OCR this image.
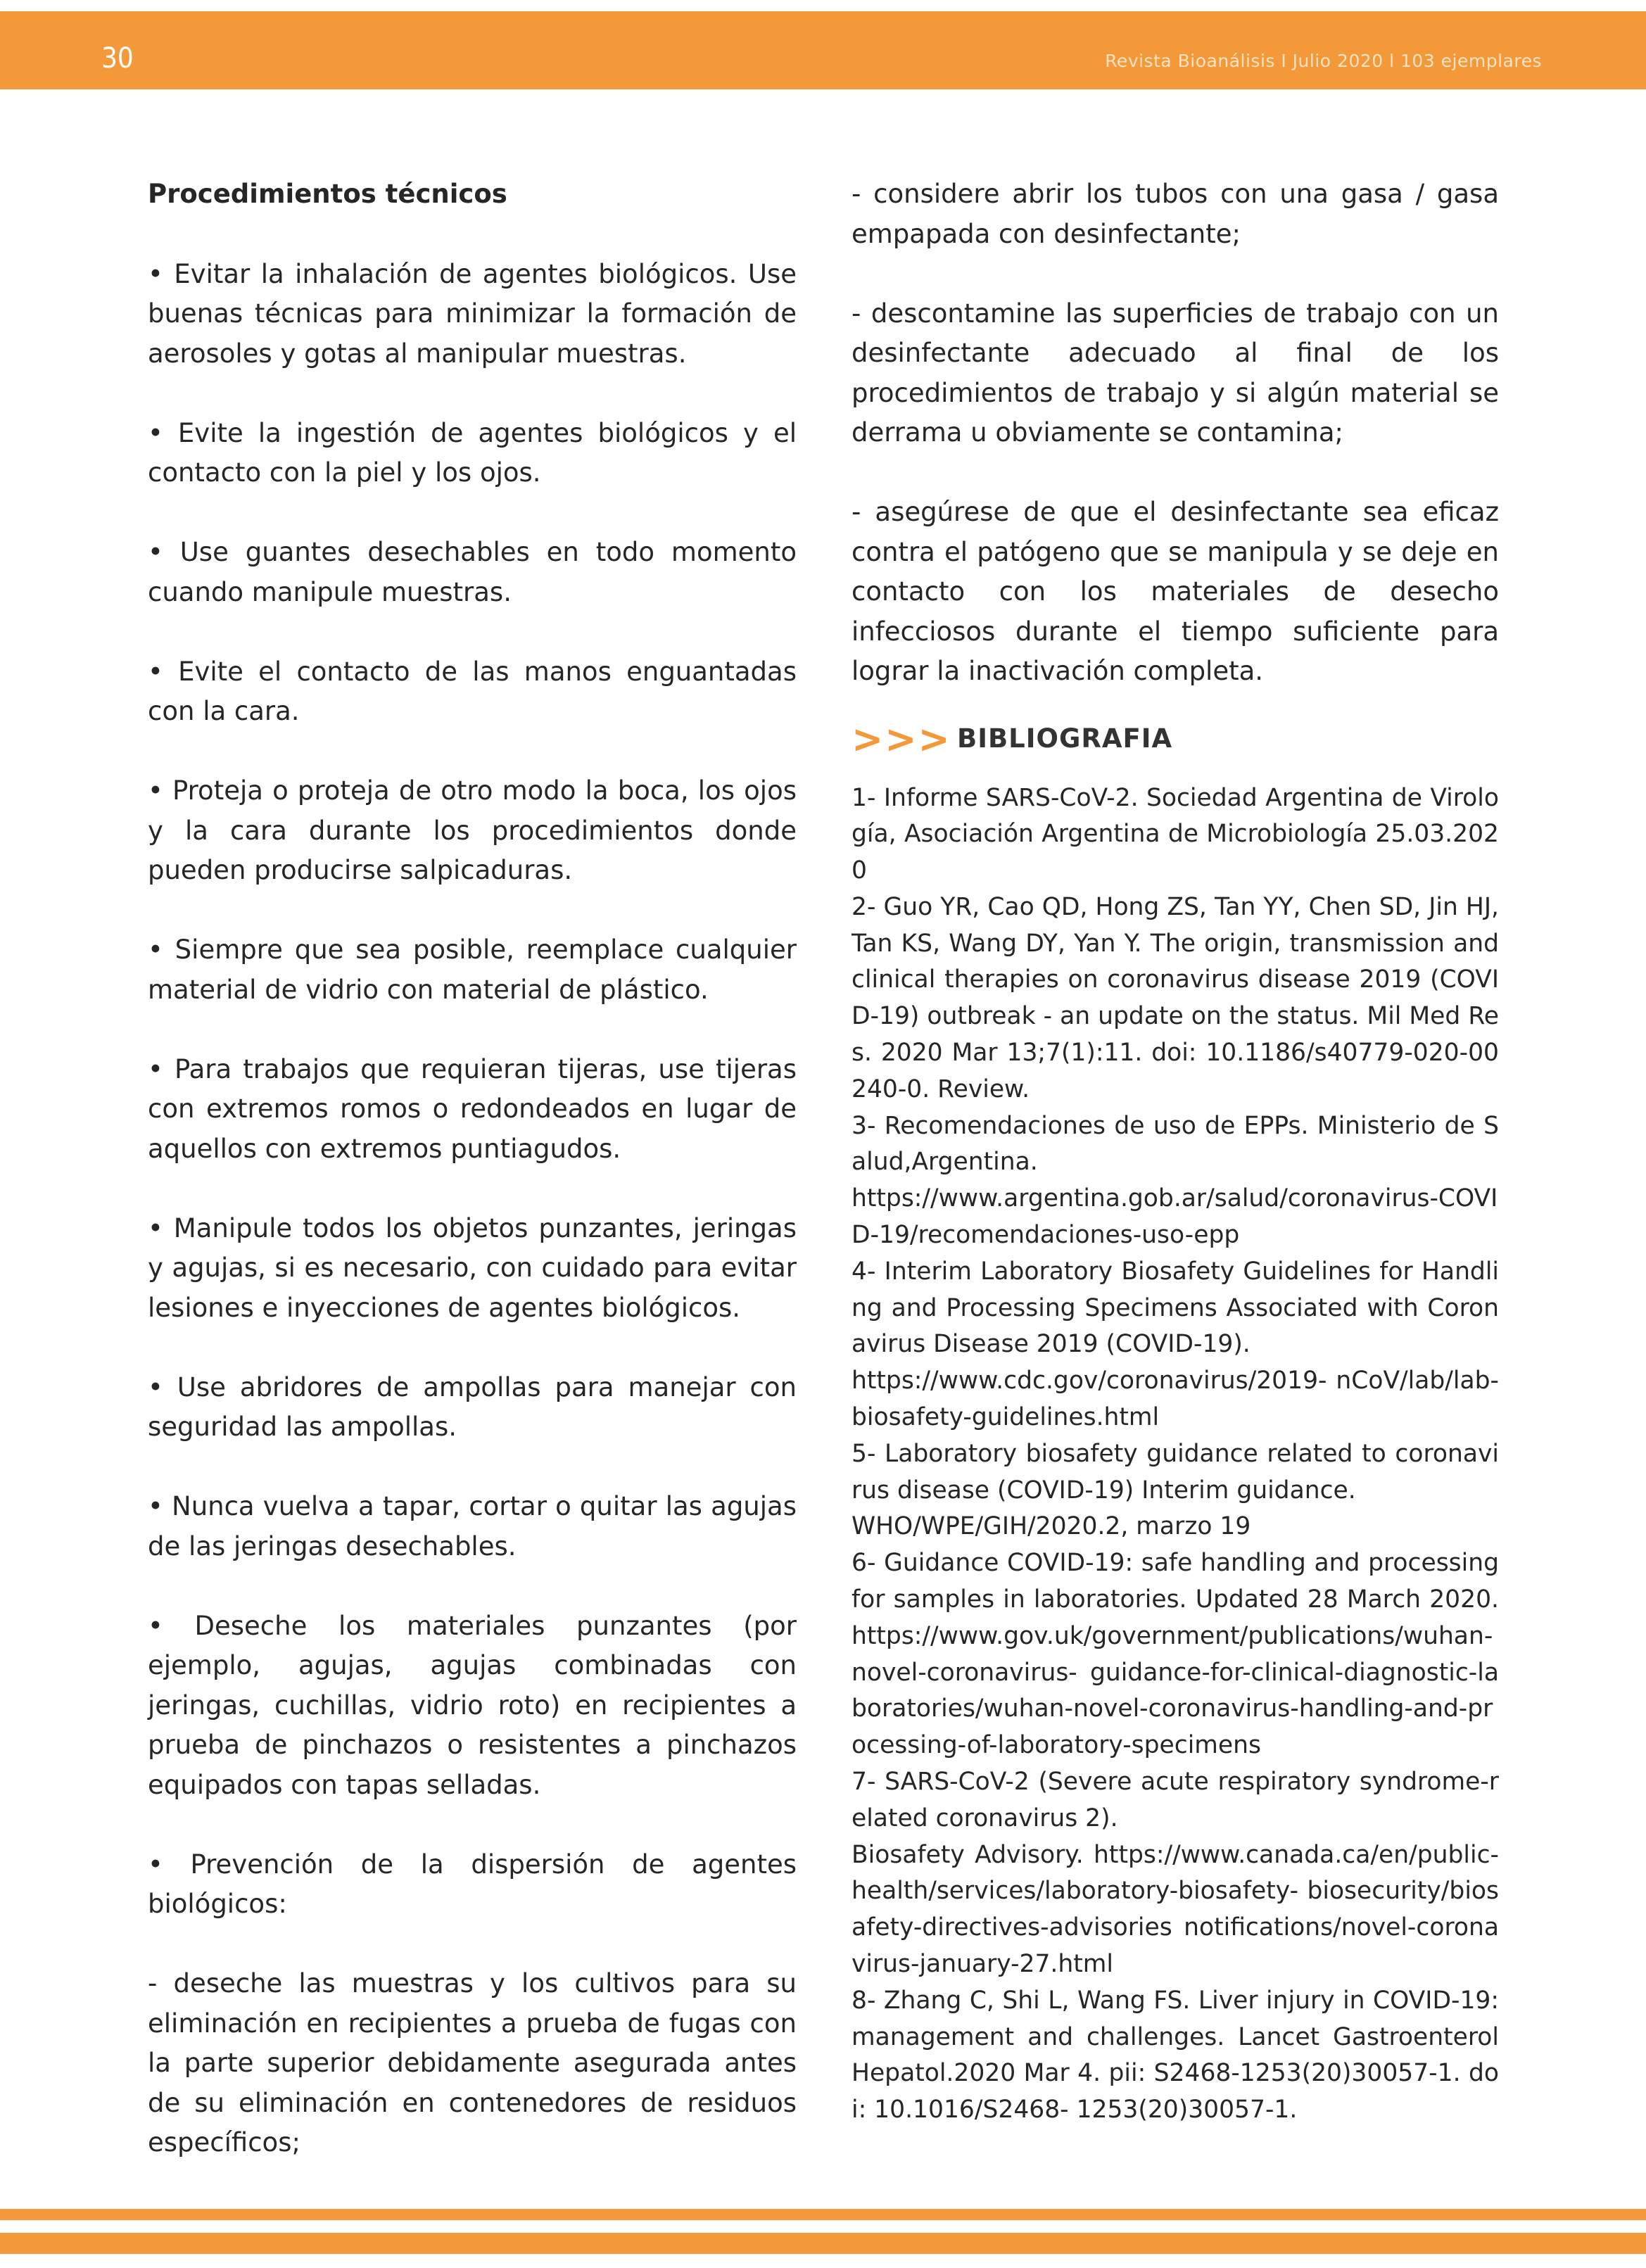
30	Revista Bioanálisis I Julio 2020 l 103 ejemplares

Procedimientos técnicos

• Evitar la inhalación de agentes biológicos. Use buenas técnicas para minimizar la formación de aerosoles y gotas al manipular muestras.

• Evite la ingestión de agentes biológicos y el contacto con la piel y los ojos.

• Use guantes desechables en todo momento cuando manipule muestras.

• Evite el contacto de las manos enguantadas con la cara.

• Proteja o proteja de otro modo la boca, los ojos y la cara durante los procedimientos donde pueden producirse salpicaduras.

• Siempre que sea posible, reemplace cualquier material de vidrio con material de plástico.

• Para trabajos que requieran tijeras, use tijeras con extremos romos o redondeados en lugar de aquellos con extremos puntiagudos.

• Manipule todos los objetos punzantes, jeringas y agujas, si es necesario, con cuidado para evitar lesiones e inyecciones de agentes biológicos.

• Use abridores de ampollas para manejar con seguridad las ampollas.

• Nunca vuelva a tapar, cortar o quitar las agujas de las jeringas desechables.

• Deseche los materiales punzantes (por ejemplo, agujas, agujas combinadas con jeringas, cuchillas, vidrio roto) en recipientes a prueba de pinchazos o resistentes a pinchazos equipados con tapas selladas.

• Prevención de la dispersión de agentes biológicos:

- deseche las muestras y los cultivos para su eliminación en recipientes a prueba de fugas con la parte superior debidamente asegurada antes de su eliminación en contenedores de residuos específicos;

- considere abrir los tubos con una gasa / gasa empapada con desinfectante;

- descontamine las superficies de trabajo con un desinfectante adecuado al final de los procedimientos de trabajo y si algún material se derrama u obviamente se contamina;

- asegúrese de que el desinfectante sea eficaz contra el patógeno que se manipula y se deje en contacto con los materiales de desecho infecciosos durante el tiempo suficiente para lograr la inactivación completa.

>>> BIBLIOGRAFIA

1- Informe SARS-CoV-2. Sociedad Argentina de Virología, Asociación Argentina de Microbiología 25.03.2020

2- Guo YR, Cao QD, Hong ZS, Tan YY, Chen SD, Jin HJ, Tan KS, Wang DY, Yan Y. The origin, transmission and clinical therapies on coronavirus disease 2019 (COVID-19) outbreak - an update on the status. Mil Med Res. 2020 Mar 13;7(1):11. doi: 10.1186/s40779-020-00240-0. Review.

3- Recomendaciones de uso de EPPs. Ministerio de Salud,Argentina.

https://www.argentina.gob.ar/salud/coronavirus-COVID-19/recomendaciones-uso-epp

4- Interim Laboratory Biosafety Guidelines for Handling and Processing Specimens Associated with Coronavirus Disease 2019 (COVID-19).

https://www.cdc.gov/coronavirus/2019- nCoV/lab/lab-biosafety-guidelines.html

5- Laboratory biosafety guidance related to coronavirus disease (COVID-19) Interim guidance.

WHO/WPE/GIH/2020.2, marzo 19

6- Guidance COVID-19: safe handling and processing for samples in laboratories. Updated 28 March 2020.https://www.gov.uk/government/publications/wuhan-novel-coronavirus- guidance-for-clinical-diagnostic-laboratories/wuhan-novel-coronavirus-handling-and-processing-of-laboratory-specimens

7- SARS-CoV-2 (Severe acute respiratory syndrome-related coronavirus 2).

Biosafety Advisory. https://www.canada.ca/en/public-health/services/laboratory-biosafety- biosecurity/biosafety-directives-advisories notifications/novel-coronavirus-january-27.html

8- Zhang C, Shi L, Wang FS. Liver injury in COVID-19: management and challenges. Lancet Gastroenterol Hepatol.2020 Mar 4. pii: S2468-1253(20)30057-1. doi: 10.1016/S2468- 1253(20)30057-1.
